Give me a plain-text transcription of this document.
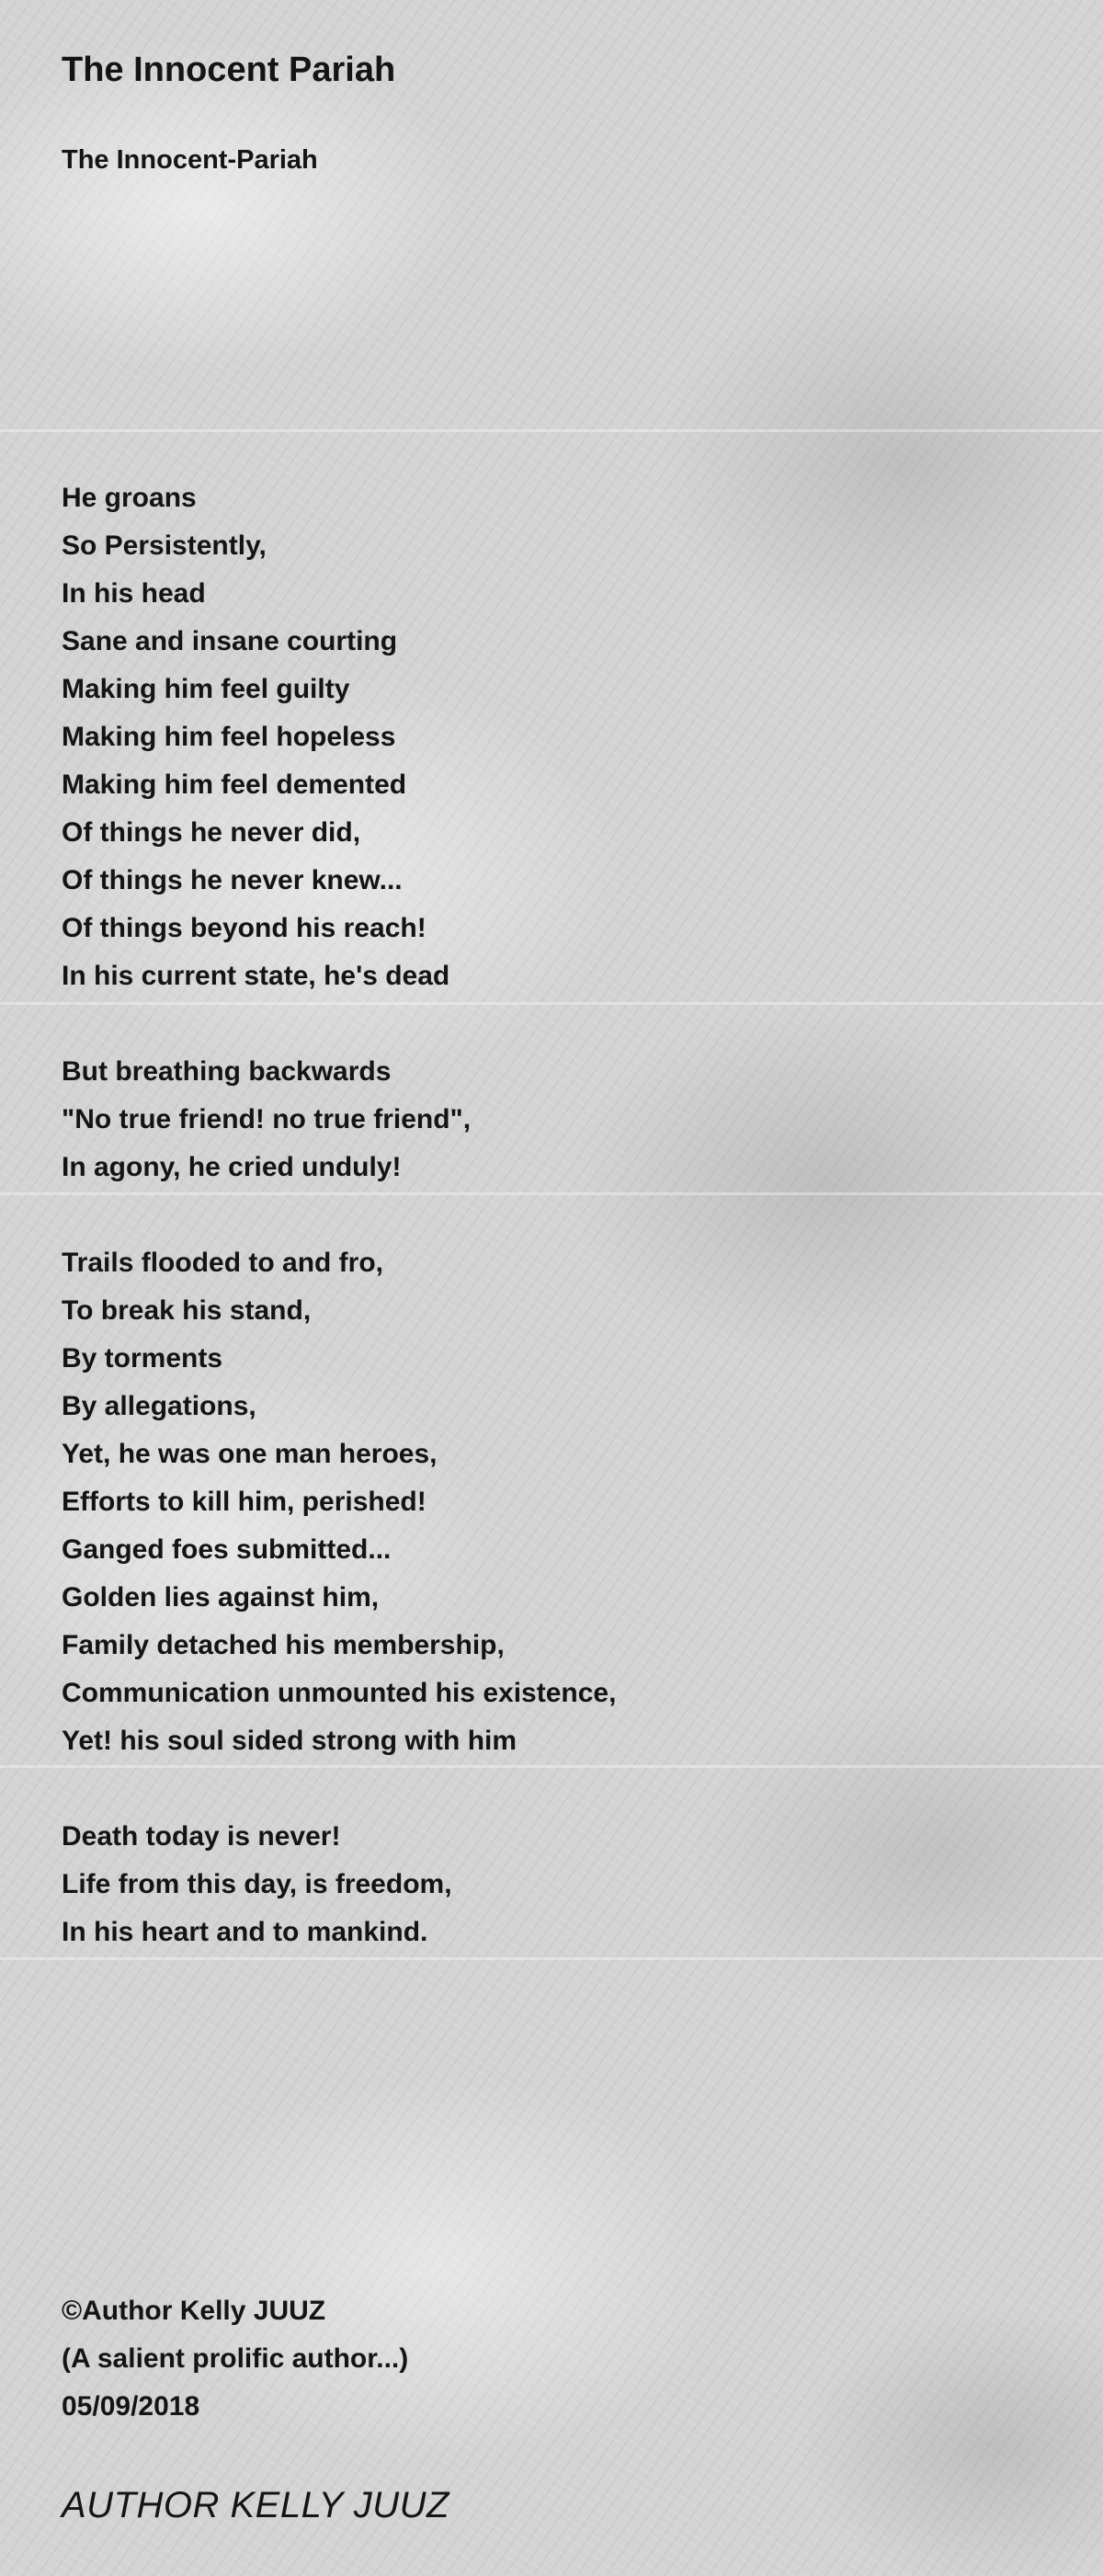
The Innocent Pariah
The Innocent-Pariah
He groans
So Persistently,
In his head
Sane and insane courting
Making him feel guilty
Making him feel hopeless
Making him feel demented
Of things he never did,
Of things he never knew...
Of things beyond his reach!
In his current state, he's dead
But breathing backwards
"No true friend! no true friend",
In agony, he cried unduly!
Trails flooded to and fro,
To break his stand,
By torments
By allegations,
Yet, he was one man heroes,
Efforts to kill him, perished!
Ganged foes submitted...
Golden lies against him,
Family detached his membership,
Communication unmounted his existence,
Yet! his soul sided strong with him
Death today is never!
Life from this day, is freedom,
In his heart and to mankind.
©Author Kelly JUUZ
(A salient prolific author...)
05/09/2018

AUTHOR KELLY JUUZ
